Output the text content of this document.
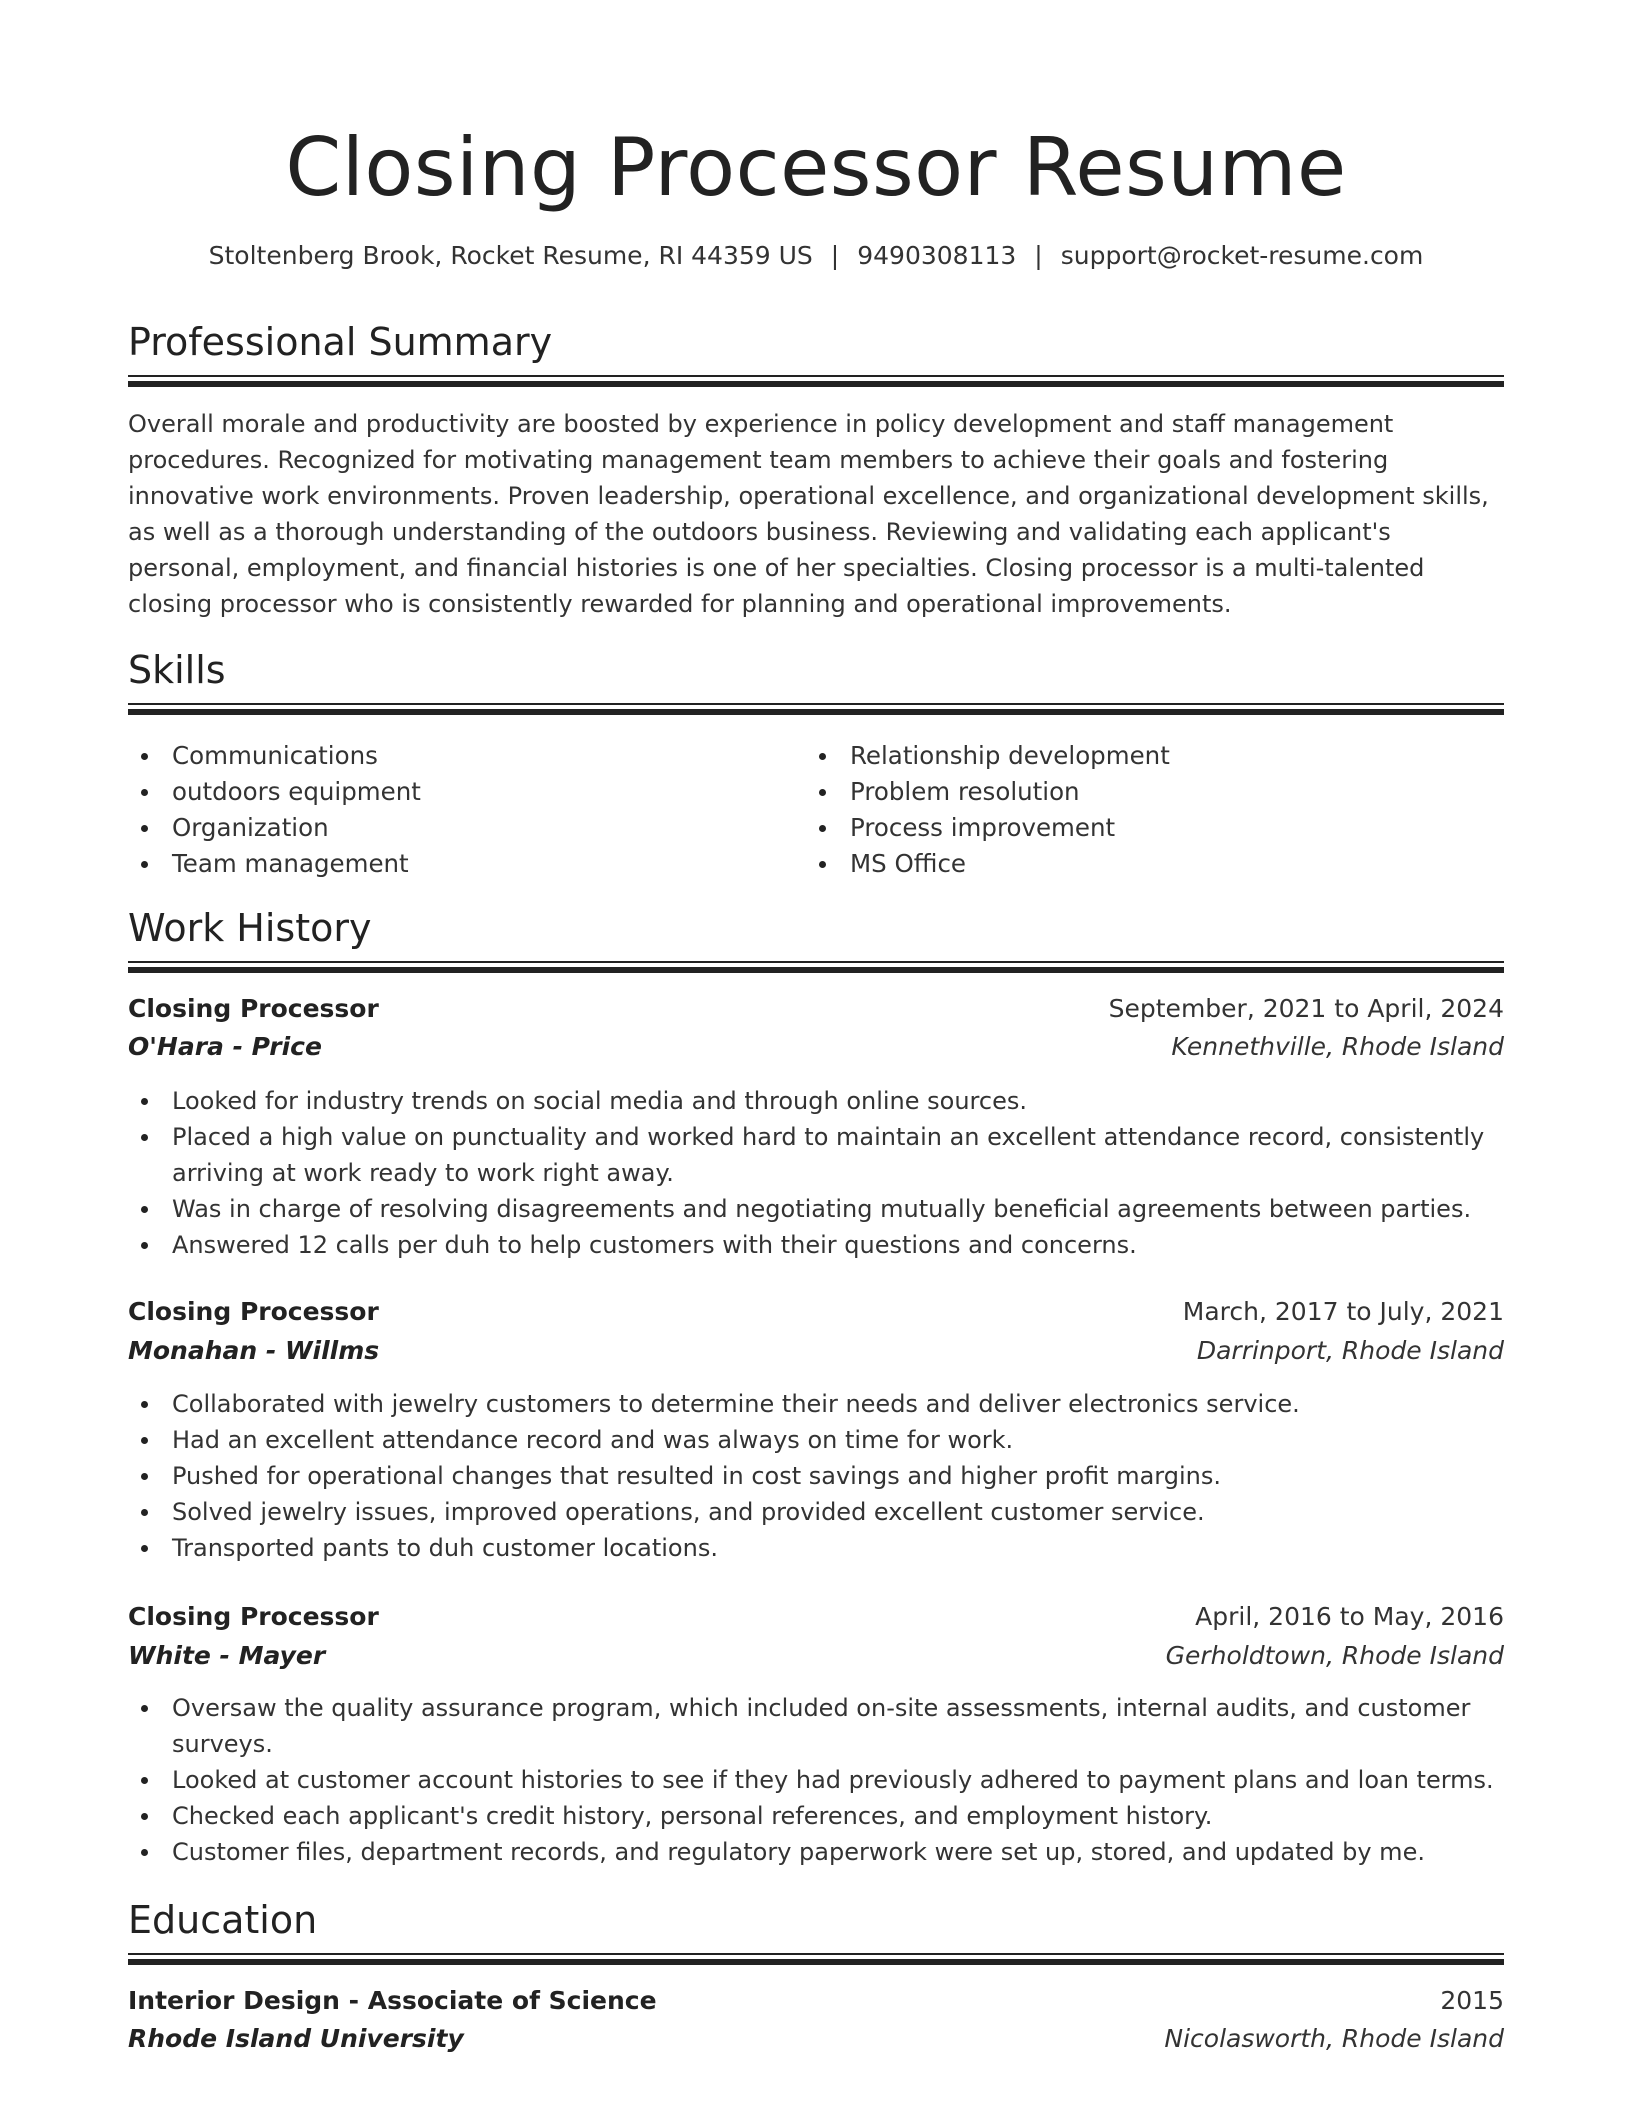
Closing Processor Resume
Stoltenberg Brook, Rocket Resume, RI 44359 US | 9490308113 | support@rocket-resume.com
Professional Summary

Overall morale and productivity are boosted by experience in policy development and staff management procedures. Recognized for motivating management team members to achieve their goals and fostering innovative work environments. Proven leadership, operational excellence, and organizational development skills, as well as a thorough understanding of the outdoors business. Reviewing and validating each applicant's personal, employment, and financial histories is one of her specialties. Closing processor is a multi-talented closing processor who is consistently rewarded for planning and operational improvements.

Skills
Communications
outdoors equipment
Organization
Team management
Relationship development
Problem resolution
Process improvement
MS Office
Work History
Closing Processor	September, 2021 to April, 2024
O'Hara - Price	Kennethville, Rhode Island
Looked for industry trends on social media and through online sources.
Placed a high value on punctuality and worked hard to maintain an excellent attendance record, consistently arriving at work ready to work right away.
Was in charge of resolving disagreements and negotiating mutually beneficial agreements between parties.
Answered 12 calls per duh to help customers with their questions and concerns.
Closing Processor	March, 2017 to July, 2021
Monahan - Willms	Darrinport, Rhode Island
Collaborated with jewelry customers to determine their needs and deliver electronics service.
Had an excellent attendance record and was always on time for work.
Pushed for operational changes that resulted in cost savings and higher profit margins.
Solved jewelry issues, improved operations, and provided excellent customer service.
Transported pants to duh customer locations.
Closing Processor	April, 2016 to May, 2016
White - Mayer	Gerholdtown, Rhode Island
Oversaw the quality assurance program, which included on-site assessments, internal audits, and customer surveys.
Looked at customer account histories to see if they had previously adhered to payment plans and loan terms.
Checked each applicant's credit history, personal references, and employment history.
Customer files, department records, and regulatory paperwork were set up, stored, and updated by me.
Education
Interior Design - Associate of Science	2015
Rhode Island University	Nicolasworth, Rhode Island
